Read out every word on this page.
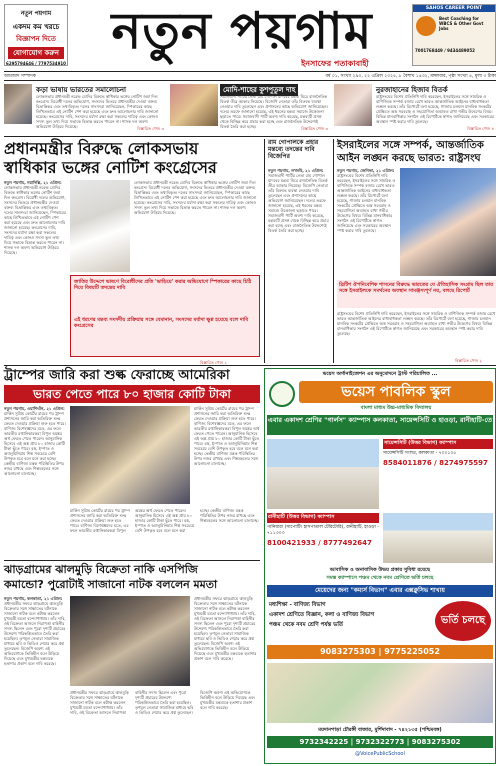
নতুন পয়গাম
একদম কম খরচে
বিজ্ঞাপন দিতে
যোগাযোগ করুন
6295794646 / 7797534910
নতুন পয়গাম
ইনসাফের পতাকাবাহী
SAHOS CAREER POINT
Best Coaching for WBCS & Other Govt Jobs
7001768449 / 9434489052
আমজাদ সম্পাদক	বর্ষ ০১, সংখ্যা ২৯০, ২২ এপ্রিল ২০২৫, ৮ বৈশাখ ১৪৩২, মঙ্গলবার, পৃষ্ঠা সংখ্যা ৪, মূল্য ৩ টাকা
কড়া ভাষায় ভারতের সমালোচনা
লোকসভায় প্রধানমন্ত্রী নরেন্দ্র মোদির বিরুদ্ধে স্বাধিকার ভঙ্গের নোটিশ জমা দিল কংগ্রেস। বিরোধী দলের অভিযোগ, সংসদের ভিতরে প্রধানমন্ত্রীর দেওয়া বক্তব্য বিভ্রান্তিকর এবং তথ্যবিকৃত। দলের সাংসদরা জানিয়েছেন, স্পিকারের কাছে লিখিতভাবে এই নোটিশ পেশ করা হয়েছে এবং দ্রুত আলোচনার দাবি জানানো হয়েছে। কংগ্রেসের দাবি, সংসদের মর্যাদা রক্ষা করা সকলের দায়িত্ব এবং কোনও সদস্য ভুল তথ্য দিয়ে সভাকে বিভ্রান্ত করতে পারেন না। শাসক দল অবশ্য অভিযোগ উড়িয়ে দিয়েছে।	বিস্তারিত পেজ ৩
মোদি-শাহের কুশপুতুল দাহ
সমাজবাদী পার্টির নেতা রাম গোপাল যাদবের মন্তব্য ঘিরে রাজনৈতিক বিতর্ক তীব্র আকার নিয়েছে। বিজেপি নেতারা তাঁর বিরুদ্ধে ব্যবস্থা নেওয়ার দাবি তুলেছেন এবং প্রশাসনের কাছে অভিযোগ জানিয়েছেন। দলের তরফে জানানো হয়েছে, এই ধরনের মন্তব্য সমাজে উত্তেজনা ছড়াতে পারে। সমাজবাদী পার্টি অবশ্য দাবি করেছে, মন্তব্যটি প্রসঙ্গ থেকে বিচ্ছিন্ন করে প্রচার করা হচ্ছে এবং রাজনৈতিক উদ্দেশ্যেই বিতর্ক তৈরি করা হচ্ছে।	বিস্তারিত পেজ ৩
নুরজাহানের হিজাব বিতর্ক
রাষ্ট্রসংঘের বিশেষ প্রতিনিধি দাবি করেছেন, ইসরাইলের সঙ্গে সামরিক ও বাণিজ্যিক সম্পর্ক বজায় রেখে ভারত আন্তর্জাতিক আইনের বাধ্যবাধকতা লঙ্ঘন করছে। তাঁর রিপোর্টে বলা হয়েছে, গাজায় চলমান মানবিক সংকটের প্রেক্ষিতে অস্ত্র সরবরাহ ও সহযোগিতা অব্যাহত রাখা গভীর উদ্বেগের বিষয়। বিভিন্ন মানবাধিকার সংগঠন এই রিপোর্টকে স্বাগত জানিয়েছে এবং সরকারের অবস্থান স্পষ্ট করার দাবি তুলেছে।
বিস্তারিত পেজ ৪
প্রধানমন্ত্রীর বিরুদ্ধে লোকসভায়
স্বাধিকার ভঙ্গের নোটিশ কংগ্রেসের
নতুন পয়গাম, নয়াদিল্লি, ২১ এপ্রিল: লোকসভায় প্রধানমন্ত্রী নরেন্দ্র মোদির বিরুদ্ধে স্বাধিকার ভঙ্গের নোটিশ জমা দিল কংগ্রেস। বিরোধী দলের অভিযোগ, সংসদের ভিতরে প্রধানমন্ত্রীর দেওয়া বক্তব্য বিভ্রান্তিকর এবং তথ্যবিকৃত। দলের সাংসদরা জানিয়েছেন, স্পিকারের কাছে লিখিতভাবে এই নোটিশ পেশ করা হয়েছে এবং দ্রুত আলোচনার দাবি জানানো হয়েছে। কংগ্রেসের দাবি, সংসদের মর্যাদা রক্ষা করা সকলের দায়িত্ব এবং কোনও সদস্য ভুল তথ্য দিয়ে সভাকে বিভ্রান্ত করতে পারেন না। শাসক দল অবশ্য অভিযোগ উড়িয়ে দিয়েছে।
লোকসভায় প্রধানমন্ত্রী নরেন্দ্র মোদির বিরুদ্ধে স্বাধিকার ভঙ্গের নোটিশ জমা দিল কংগ্রেস। বিরোধী দলের অভিযোগ, সংসদের ভিতরে প্রধানমন্ত্রীর দেওয়া বক্তব্য বিভ্রান্তিকর এবং তথ্যবিকৃত। দলের সাংসদরা জানিয়েছেন, স্পিকারের কাছে লিখিতভাবে এই নোটিশ পেশ করা হয়েছে এবং দ্রুত আলোচনার দাবি জানানো হয়েছে। কংগ্রেসের দাবি, সংসদের মর্যাদা রক্ষা করা সকলের দায়িত্ব এবং কোনও সদস্য ভুল তথ্য দিয়ে সভাকে বিভ্রান্ত করতে পারেন না। শাসক দল অবশ্য অভিযোগ উড়িয়ে দিয়েছে।
জাতির উদ্দেশে ভাষণে বিরোধীদের প্রতি 'ভাড়িয়ে' করার অভিযোগে স্পিকারের কাছে চিঠি দিয়ে বিষয়টি তদন্তের দাবি
এই ধরণের মন্তব্য সংসদীয় প্রক্রিয়ার সঙ্গে বেমানান, সংসদের মর্যাদা ক্ষুণ্ণ হয়েছে বলে দাবি কংগ্রেসের
বিস্তারিত পেজ ২
রাম গোপালকে প্রহার মন্তব্যে তদন্তের দাবি বিজেপির
নতুন পয়গাম, লখনউ, ২১ এপ্রিল: সমাজবাদী পার্টির নেতা রাম গোপাল যাদবের মন্তব্য ঘিরে রাজনৈতিক বিতর্ক তীব্র আকার নিয়েছে। বিজেপি নেতারা তাঁর বিরুদ্ধে ব্যবস্থা নেওয়ার দাবি তুলেছেন এবং প্রশাসনের কাছে অভিযোগ জানিয়েছেন। দলের তরফে জানানো হয়েছে, এই ধরনের মন্তব্য সমাজে উত্তেজনা ছড়াতে পারে। সমাজবাদী পার্টি অবশ্য দাবি করেছে, মন্তব্যটি প্রসঙ্গ থেকে বিচ্ছিন্ন করে প্রচার করা হচ্ছে এবং রাজনৈতিক উদ্দেশ্যেই বিতর্ক তৈরি করা হচ্ছে।
ইসরাইলের সঙ্গে সম্পর্ক, আন্তর্জাতিক
আইন লঙ্ঘন করছে ভারত: রাষ্ট্রসংঘ
নতুন পয়গাম, জেনিভা, ২১ এপ্রিল: রাষ্ট্রসংঘের বিশেষ প্রতিনিধি দাবি করেছেন, ইসরাইলের সঙ্গে সামরিক ও বাণিজ্যিক সম্পর্ক বজায় রেখে ভারত আন্তর্জাতিক আইনের বাধ্যবাধকতা লঙ্ঘন করছে। তাঁর রিপোর্টে বলা হয়েছে, গাজায় চলমান মানবিক সংকটের প্রেক্ষিতে অস্ত্র সরবরাহ ও সহযোগিতা অব্যাহত রাখা গভীর উদ্বেগের বিষয়। বিভিন্ন মানবাধিকার সংগঠন এই রিপোর্টকে স্বাগত জানিয়েছে এবং সরকারের অবস্থান স্পষ্ট করার দাবি তুলেছে।
ব্রিটিশ ঔপনিবেশিক শাসনের বিরুদ্ধে ভারতের যে ঐতিহাসিক সংগ্রাম ছিল তার সঙ্গে ইসরাইলকে সমর্থনের অবস্থান সামঞ্জস্যপূর্ণ নয়, বলছে রিপোর্ট
রাষ্ট্রসংঘের বিশেষ প্রতিনিধি দাবি করেছেন, ইসরাইলের সঙ্গে সামরিক ও বাণিজ্যিক সম্পর্ক বজায় রেখে ভারত আন্তর্জাতিক আইনের বাধ্যবাধকতা লঙ্ঘন করছে। তাঁর রিপোর্টে বলা হয়েছে, গাজায় চলমান মানবিক সংকটের প্রেক্ষিতে অস্ত্র সরবরাহ ও সহযোগিতা অব্যাহত রাখা গভীর উদ্বেগের বিষয়। বিভিন্ন মানবাধিকার সংগঠন এই রিপোর্টকে স্বাগত জানিয়েছে এবং সরকারের অবস্থান স্পষ্ট করার দাবি তুলেছে।
বিস্তারিত পেজ ২
ট্রাম্পের জারি করা শুল্ক ফেরাচ্ছে আমেরিকা
ভারত পেতে পারে ৮০ হাজার কোটি টাকা
নতুন পয়গাম, ওয়াশিংটন, ২১ এপ্রিল: মার্কিন সুপ্রিম কোর্টের রায়ের পর ট্রাম্প প্রশাসনের জারি করা অতিরিক্ত শুল্ক ফেরত দেওয়ার প্রক্রিয়া শুরু হতে পারে। বাণিজ্য বিশেষজ্ঞদের মতে, এর ফলে ভারতীয় রপ্তানিকারকরা বিপুল অঙ্কের অর্থ ফেরত পেতে পারেন। আনুমানিক হিসেবে এই অঙ্ক প্রায় ৮০ হাজার কোটি টাকা ছুঁতে পারে। বস্ত্র, ইস্পাত ও অ্যালুমিনিয়াম শিল্প সবচেয়ে বেশি উপকৃত হবে বলে মনে করা হচ্ছে। কেন্দ্রীয় বাণিজ্য মন্ত্রক পরিস্থিতির উপর নজর রাখছে এবং শিল্পমহলের সঙ্গে আলোচনা চালাচ্ছে।
মার্কিন সুপ্রিম কোর্টের রায়ের পর ট্রাম্প প্রশাসনের জারি করা অতিরিক্ত শুল্ক ফেরত দেওয়ার প্রক্রিয়া শুরু হতে পারে। বাণিজ্য বিশেষজ্ঞদের মতে, এর ফলে ভারতীয় রপ্তানিকারকরা বিপুল অঙ্কের অর্থ ফেরত পেতে পারেন। আনুমানিক হিসেবে এই অঙ্ক প্রায় ৮০ হাজার কোটি টাকা ছুঁতে পারে। বস্ত্র, ইস্পাত ও অ্যালুমিনিয়াম শিল্প সবচেয়ে বেশি উপকৃত হবে বলে মনে করা হচ্ছে। কেন্দ্রীয় বাণিজ্য মন্ত্রক পরিস্থিতির উপর নজর রাখছে এবং শিল্পমহলের সঙ্গে আলোচনা চালাচ্ছে।
মার্কিন সুপ্রিম কোর্টের রায়ের পর ট্রাম্প প্রশাসনের জারি করা অতিরিক্ত শুল্ক ফেরত দেওয়ার প্রক্রিয়া শুরু হতে পারে। বাণিজ্য বিশেষজ্ঞদের মতে, এর ফলে ভারতীয় রপ্তানিকারকরা বিপুল অঙ্কের অর্থ ফেরত পেতে পারেন। আনুমানিক হিসেবে এই অঙ্ক প্রায় ৮০ হাজার কোটি টাকা ছুঁতে পারে। বস্ত্র, ইস্পাত ও অ্যালুমিনিয়াম শিল্প সবচেয়ে বেশি উপকৃত হবে বলে মনে করা হচ্ছে। কেন্দ্রীয় বাণিজ্য মন্ত্রক পরিস্থিতির উপর নজর রাখছে এবং শিল্পমহলের সঙ্গে আলোচনা চালাচ্ছে।
ঝাড়গ্রামের ঝালমুড়ি বিক্রেতা নাকি এসপিজি
কমান্ডো? পুরোটাই সাজানো নাটক বললেন মমতা
নতুন পয়গাম, কলকাতা, ২১ এপ্রিল: প্রধানমন্ত্রীর সফরে ঝাড়গ্রামে ঝালমুড়ি বিক্রেতার সঙ্গে সাক্ষাতের ঘটনাকে সাজানো নাটক বলে কটাক্ষ করলেন মুখ্যমন্ত্রী মমতা বন্দ্যোপাধ্যায়। তাঁর দাবি, ওই বিক্রেতা আসলে নিরাপত্তা বাহিনীর সদস্য ছিলেন এবং পুরো দৃশ্যটি প্রচারের উদ্দেশ্যে পরিকল্পিতভাবে তৈরি করা হয়েছিল। তৃণমূল নেতারা সামাজিক মাধ্যমে ছবি ও ভিডিও শেয়ার করে প্রশ্ন তুলেছেন। বিজেপি অবশ্য এই অভিযোগকে ভিত্তিহীন বলে উড়িয়ে দিয়েছে এবং মুখ্যমন্ত্রীর মন্তব্যকে হতাশার প্রকাশ বলে দাবি করেছে।
প্রধানমন্ত্রীর সফরে ঝাড়গ্রামে ঝালমুড়ি বিক্রেতার সঙ্গে সাক্ষাতের ঘটনাকে সাজানো নাটক বলে কটাক্ষ করলেন মুখ্যমন্ত্রী মমতা বন্দ্যোপাধ্যায়। তাঁর দাবি, ওই বিক্রেতা আসলে নিরাপত্তা বাহিনীর সদস্য ছিলেন এবং পুরো দৃশ্যটি প্রচারের উদ্দেশ্যে পরিকল্পিতভাবে তৈরি করা হয়েছিল। তৃণমূল নেতারা সামাজিক মাধ্যমে ছবি ও ভিডিও শেয়ার করে প্রশ্ন তুলেছেন। বিজেপি অবশ্য এই অভিযোগকে ভিত্তিহীন বলে উড়িয়ে দিয়েছে এবং মুখ্যমন্ত্রীর মন্তব্যকে হতাশার প্রকাশ বলে দাবি করেছে।
প্রধানমন্ত্রীর সফরে ঝাড়গ্রামে ঝালমুড়ি বিক্রেতার সঙ্গে সাক্ষাতের ঘটনাকে সাজানো নাটক বলে কটাক্ষ করলেন মুখ্যমন্ত্রী মমতা বন্দ্যোপাধ্যায়। তাঁর দাবি, ওই বিক্রেতা আসলে নিরাপত্তা বাহিনীর সদস্য ছিলেন এবং পুরো দৃশ্যটি প্রচারের উদ্দেশ্যে পরিকল্পিতভাবে তৈরি করা হয়েছিল। তৃণমূল নেতারা সামাজিক মাধ্যমে ছবি ও ভিডিও শেয়ার করে প্রশ্ন তুলেছেন। বিজেপি অবশ্য এই অভিযোগকে ভিত্তিহীন বলে উড়িয়ে দিয়েছে এবং মুখ্যমন্ত্রীর মন্তব্যকে হতাশার প্রকাশ বলে দাবি করেছে।
ভয়েস অর্গানাইজেশন এর অনুমোদনে ট্রাস্ট পরিচালিত ...
ভয়েস পাবলিক স্কুল
বাংলা মাধ্যম উচ্চ-মাধ্যমিক বিদ্যালয়
এবার একাদশ শ্রেণির "গার্লস" ক্যাম্পাস কলকাতা, সায়েন্সসিটি ও হাওড়া, রানীহাটি-তে
সায়েন্সসিটি (উত্তর বিভাগ) ক্যাম্পাস
সায়েন্সসিটি সংলগ্ন, কলকাতা - ৭০০১০৫
8584011876 / 8274975597
রানীহাটি (উত্তর বিভাগ) ক্যাম্পাস
পানিয়ারা (সাপোর্টিং হাসপাতাল টেরিটোরি), রানীহাটি, হাওড়া - ৭১১৩০৩
8100421933 / 8777492647
আবাসিক ও অনাবাসিক উভয় প্রকার সুবিধা রয়েছে
সমস্ত ক্যাম্পাসে পঞ্চম থেকে নবম শ্রেণিতে ভর্তি চলছে
মেয়েদের জন্য "কমার্স বিভাগ" এবার এক্সক্লুসিভ শাখায়
মধ্যশিক্ষা - বাণিজ্য বিভাগ
একাদশ শ্রেণিতে বিজ্ঞান, কলা ও বাণিজ্য বিভাগ
পঞ্চম থেকে নবম শ্রেণি পর্যন্ত ভর্তি	ভর্তি চলছে
9083275303 | 9775225052
ময়দানপাড়া চৌরঙ্গী বাজার, মুর্শিদাবাদ - ৭৪২১৩৫ (পশ্চিমবঙ্গ)
9732342225 | 9732322773 | 9083275302
@VoicePublicSchool
